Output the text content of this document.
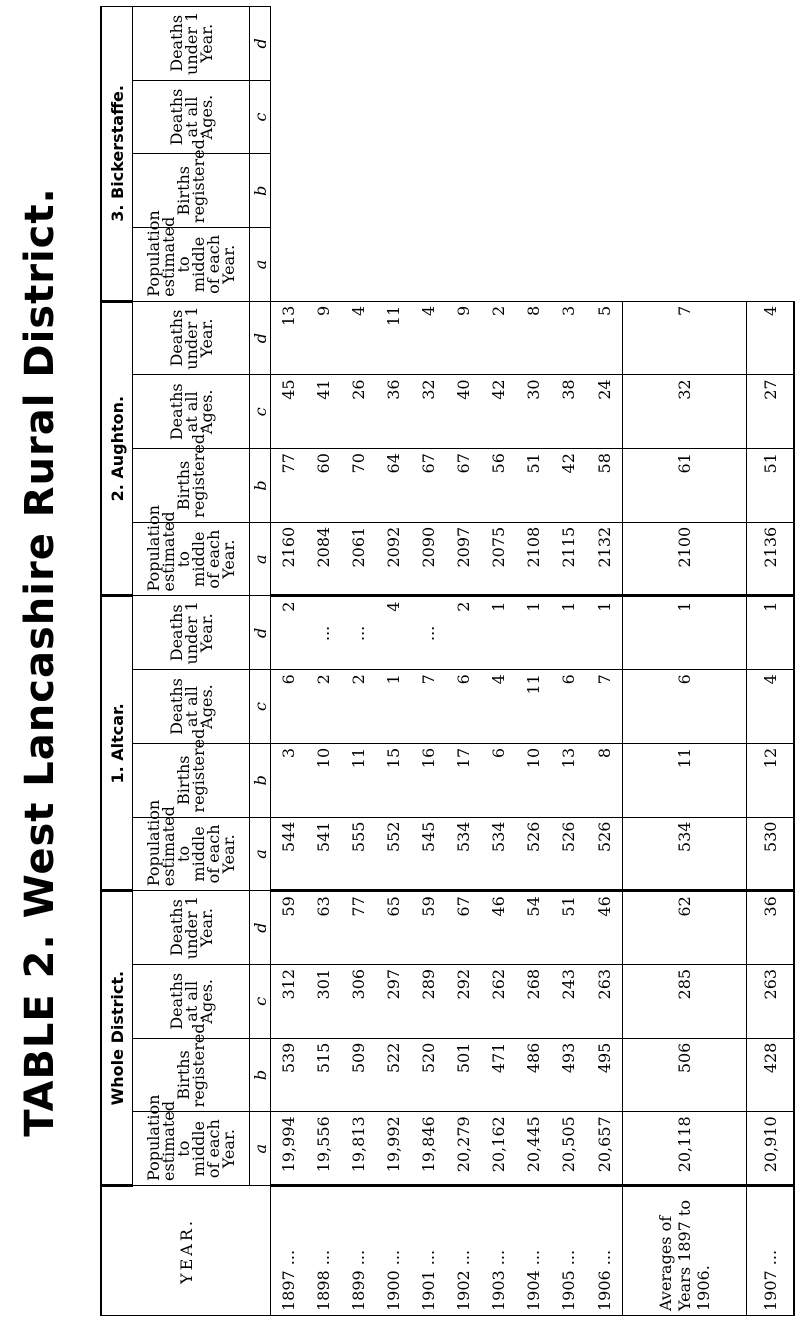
TABLE 2. West Lancashire Rural District.
YEAR.	Whole District.				1. Altcar.				2. Aughton.				3. Bickerstaffe.			
	Population estimated to middle of each Year.	Births registered.	Deaths at all Ages.	Deaths under 1 Year.	Population estimated to middle of each Year.	Births registered.	Deaths at all Ages.	Deaths under 1 Year.	Population estimated to middle of each Year.	Births registered.	Deaths at all Ages.	Deaths under 1 Year.	Population estimated to middle of each Year.	Births registered.	Deaths at all Ages.	Deaths under 1 Year.
	a	b	c	d	a	b	c	d	a	b	c	d	a	b	c	d
1897 ...	19,994	539	312	59	544	3	6	2	2160	77	45	13				
1898 ...	19,556	515	301	63	541	10	2	...	2084	60	41	9				
1899 ...	19,813	509	306	77	555	11	2	...	2061	70	26	4				
1900 ...	19,992	522	297	65	552	15	1	4	2092	64	36	11				
1901 ...	19,846	520	289	59	545	16	7	...	2090	67	32	4				
1902 ...	20,279	501	292	67	534	17	6	2	2097	67	40	9				
1903 ...	20,162	471	262	46	534	6	4	1	2075	56	42	2				
1904 ...	20,445	486	268	54	526	10	11	1	2108	51	30	8				
1905 ...	20,505	493	243	51	526	13	6	1	2115	42	38	3				
1906 ...	20,657	495	263	46	526	8	7	1	2132	58	24	5				
Averages of Years 1897 to 1906.	20,118	506	285	62	534	11	6	1	2100	61	32	7				
1907 ...	20,910	428	263	36	530	12	4	1	2136	51	27	4				
